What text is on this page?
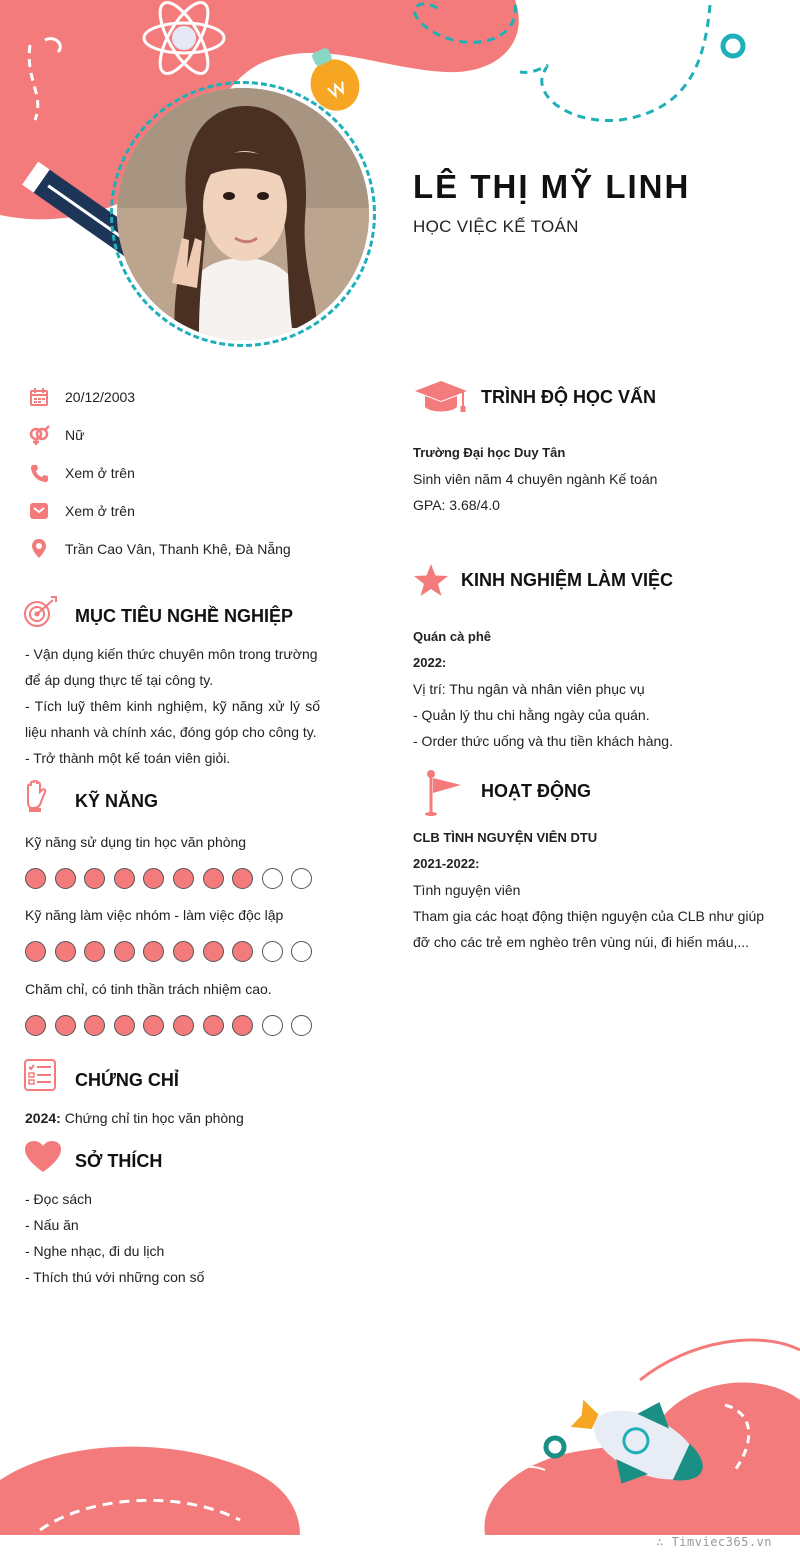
LÊ THỊ MỸ LINH
HỌC VIỆC KẾ TOÁN
20/12/2003
Nữ
Xem ở trên
Xem ở trên
Trần Cao Vân, Thanh Khê, Đà Nẵng
MỤC TIÊU NGHỀ NGHIỆP
- Vận dụng kiến thức chuyên môn trong trường
để áp dụng thực tế tại công ty.
- Tích luỹ thêm kinh nghiệm, kỹ năng xử lý số
liệu nhanh và chính xác, đóng góp cho công ty.
- Trở thành một kế toán viên giỏi.
KỸ NĂNG
Kỹ năng sử dụng tin học văn phòng
Kỹ năng làm việc nhóm - làm việc độc lập
Chăm chỉ, có tinh thần trách nhiệm cao.
CHỨNG CHỈ
2024: Chứng chỉ tin học văn phòng
SỞ THÍCH
- Đọc sách
- Nấu ăn
- Nghe nhạc, đi du lịch
- Thích thú với những con số
TRÌNH ĐỘ HỌC VẤN
Trường Đại học Duy Tân
Sinh viên năm 4 chuyên ngành Kế toán
GPA: 3.68/4.0
KINH NGHIỆM LÀM VIỆC
Quán cà phê
2022:
Vị trí: Thu ngân và nhân viên phục vụ
- Quản lý thu chi hằng ngày của quán.
- Order thức uống và thu tiền khách hàng.
HOẠT ĐỘNG
CLB TÌNH NGUYỆN VIÊN DTU
2021-2022:
Tình nguyện viên
Tham gia các hoạt động thiện nguyện của CLB như giúp
đỡ cho các trẻ em nghèo trên vùng núi, đi hiến máu,...
∴ Timviec365.vn
